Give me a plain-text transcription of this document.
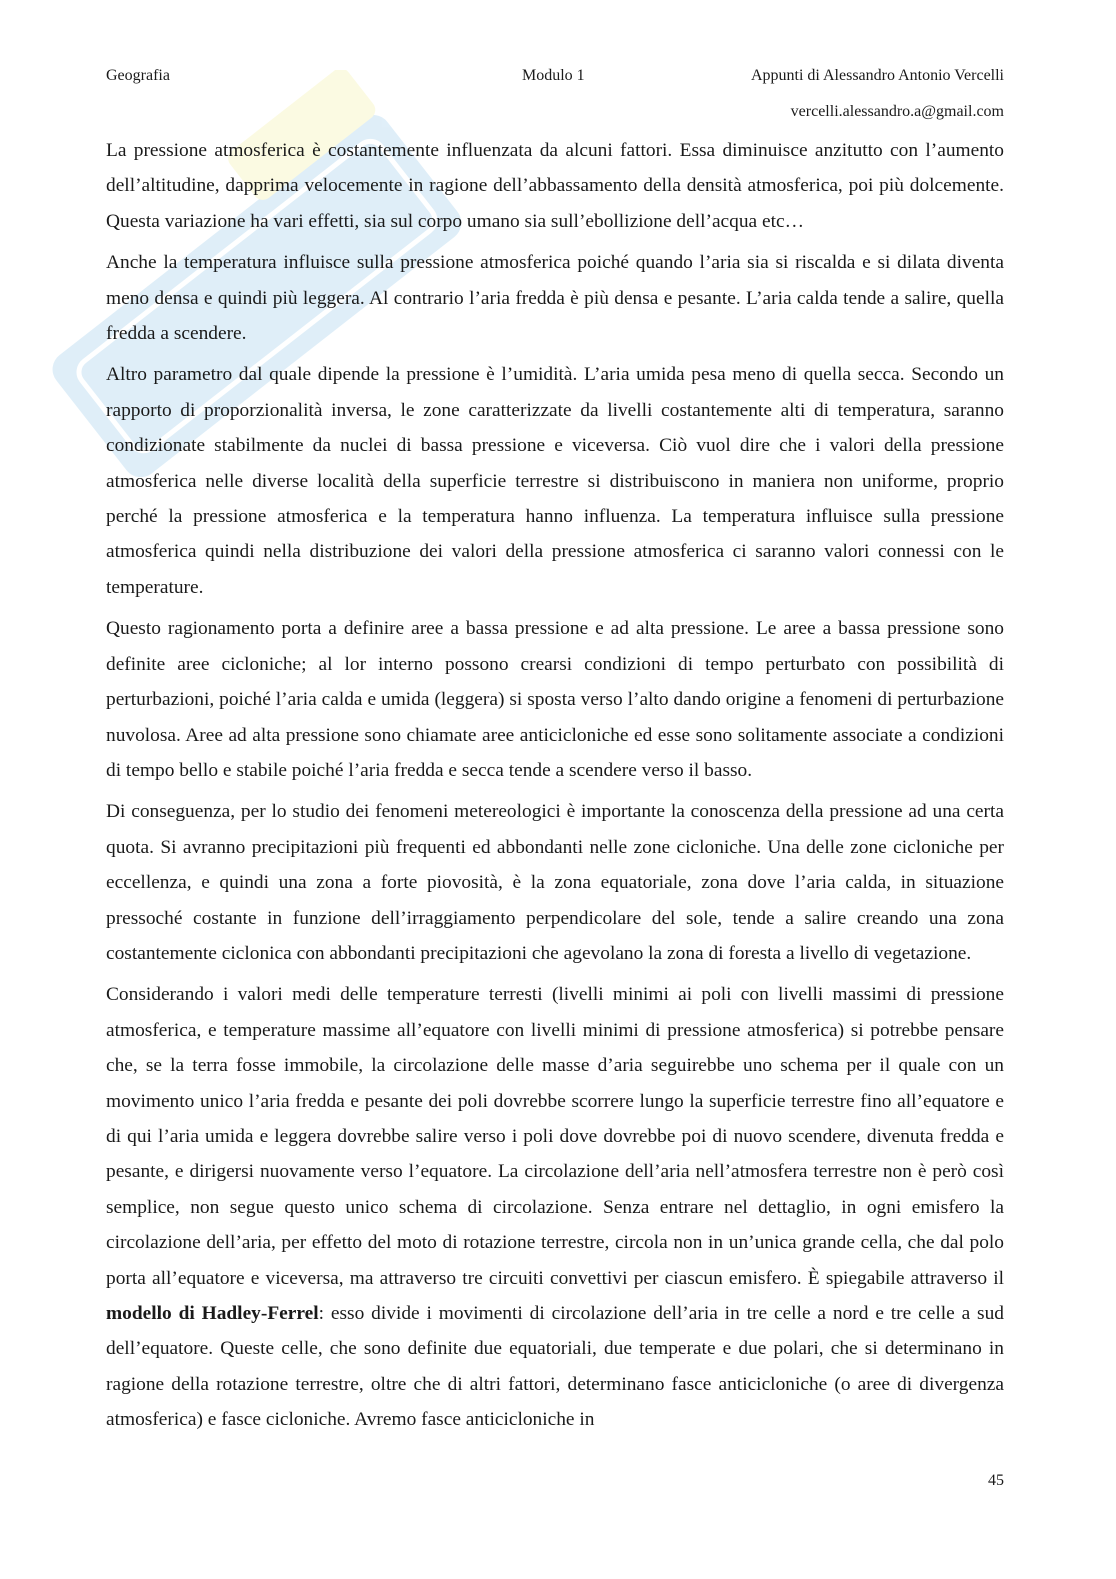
Geografia	Modulo 1	Appunti di Alessandro Antonio Vercelli
vercelli.alessandro.a@gmail.com

La pressione atmosferica è costantemente influenzata da alcuni fattori. Essa diminuisce anzitutto con l’aumento dell’altitudine, dapprima velocemente in ragione dell’abbassamento della densità atmosferica, poi più dolcemente. Questa variazione ha vari effetti, sia sul corpo umano sia sull’ebollizione dell’acqua etc…

Anche la temperatura influisce sulla pressione atmosferica poiché quando l’aria sia si riscalda e si dilata diventa meno densa e quindi più leggera. Al contrario l’aria fredda è più densa e pesante. L’aria calda tende a salire, quella fredda a scendere.

Altro parametro dal quale dipende la pressione è l’umidità. L’aria umida pesa meno di quella secca. Secondo un rapporto di proporzionalità inversa, le zone caratterizzate da livelli costantemente alti di temperatura, saranno condizionate stabilmente da nuclei di bassa pressione e viceversa. Ciò vuol dire che i valori della pressione atmosferica nelle diverse località della superficie terrestre si distribuiscono in maniera non uniforme, proprio perché la pressione atmosferica e la temperatura hanno influenza. La temperatura influisce sulla pressione atmosferica quindi nella distribuzione dei valori della pressione atmosferica ci saranno valori connessi con le temperature.

Questo ragionamento porta a definire aree a bassa pressione e ad alta pressione. Le aree a bassa pressione sono definite aree cicloniche; al lor interno possono crearsi condizioni di tempo perturbato con possibilità di perturbazioni, poiché l’aria calda e umida (leggera) si sposta verso l’alto dando origine a fenomeni di perturbazione nuvolosa. Aree ad alta pressione sono chiamate aree anticicloniche ed esse sono solitamente associate a condizioni di tempo bello e stabile poiché l’aria fredda e secca tende a scendere verso il basso.

Di conseguenza, per lo studio dei fenomeni metereologici è importante la conoscenza della pressione ad una certa quota. Si avranno precipitazioni più frequenti ed abbondanti nelle zone cicloniche. Una delle zone cicloniche per eccellenza, e quindi una zona a forte piovosità, è la zona equatoriale, zona dove l’aria calda, in situazione pressoché costante in funzione dell’irraggiamento perpendicolare del sole, tende a salire creando una zona costantemente ciclonica con abbondanti precipitazioni che agevolano la zona di foresta a livello di vegetazione.

Considerando i valori medi delle temperature terresti (livelli minimi ai poli con livelli massimi di pressione atmosferica, e temperature massime all’equatore con livelli minimi di pressione atmosferica) si potrebbe pensare che, se la terra fosse immobile, la circolazione delle masse d’aria seguirebbe uno schema per il quale con un movimento unico l’aria fredda e pesante dei poli dovrebbe scorrere lungo la superficie terrestre fino all’equatore e di qui l’aria umida e leggera dovrebbe salire verso i poli dove dovrebbe poi di nuovo scendere, divenuta fredda e pesante, e dirigersi nuovamente verso l’equatore. La circolazione dell’aria nell’atmosfera terrestre non è però così semplice, non segue questo unico schema di circolazione. Senza entrare nel dettaglio, in ogni emisfero la circolazione dell’aria, per effetto del moto di rotazione terrestre, circola non in un’unica grande cella, che dal polo porta all’equatore e viceversa, ma attraverso tre circuiti convettivi per ciascun emisfero. È spiegabile attraverso il modello di Hadley-Ferrel: esso divide i movimenti di circolazione dell’aria in tre celle a nord e tre celle a sud dell’equatore. Queste celle, che sono definite due equatoriali, due temperate e due polari, che si determinano in ragione della rotazione terrestre, oltre che di altri fattori, determinano fasce anticicloniche (o aree di divergenza atmosferica) e fasce cicloniche. Avremo fasce anticicloniche in

45
